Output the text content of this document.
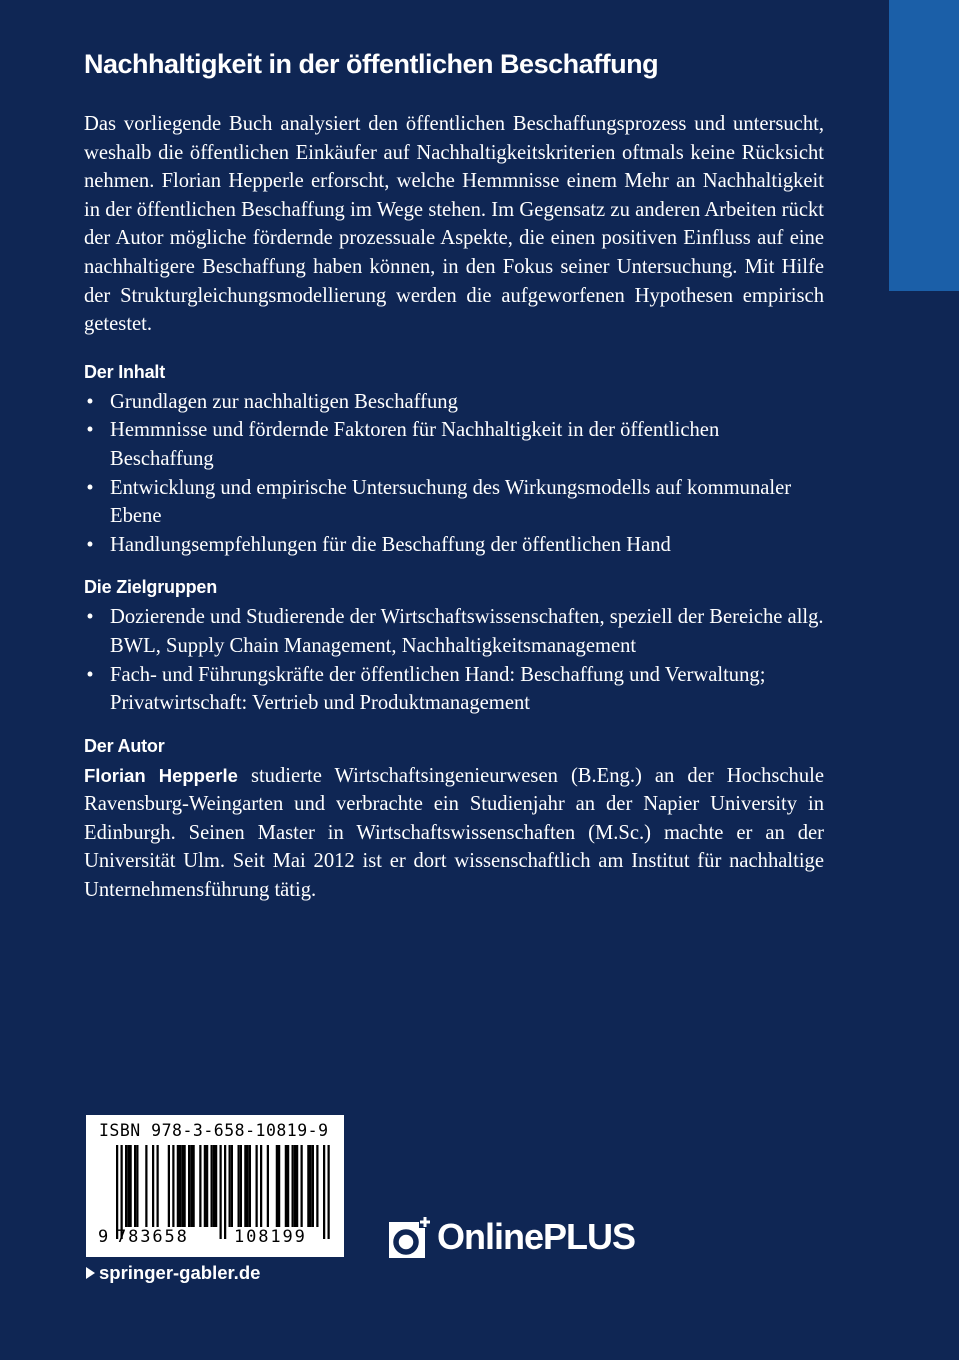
Nachhaltigkeit in der öffentlichen Beschaffung

Das vorliegende Buch analysiert den öffentlichen Beschaffungsprozess und untersucht, weshalb die öffentlichen Einkäufer auf Nachhaltigkeitskriterien oftmals keine Rücksicht nehmen. Florian Hepperle erforscht, welche Hemmnisse einem Mehr an Nachhaltigkeit in der öffentlichen Beschaffung im Wege stehen. Im Gegensatz zu anderen Arbeiten rückt der Autor mögliche fördernde prozessuale Aspekte, die einen positiven Einfluss auf eine nachhaltigere Beschaffung haben können, in den Fokus seiner Untersuchung. Mit Hilfe der Strukturgleichungsmodellierung werden die aufgeworfenen Hypothesen empirisch getestet.

Der Inhalt
• Grundlagen zur nachhaltigen Beschaffung
• Hemmnisse und fördernde Faktoren für Nachhaltigkeit in der öffentlichen Beschaffung
• Entwicklung und empirische Untersuchung des Wirkungsmodells auf kommunaler Ebene
• Handlungsempfehlungen für die Beschaffung der öffentlichen Hand
Die Zielgruppen
• Dozierende und Studierende der Wirtschaftswissenschaften, speziell der Bereiche allg. BWL, Supply Chain Management, Nachhaltigkeitsmanagement
• Fach- und Führungskräfte der öffentlichen Hand: Beschaffung und Verwaltung; Privatwirtschaft: Vertrieb und Produktmanagement
Der Autor

Florian Hepperle studierte Wirtschaftsingenieurwesen (B.Eng.) an der Hochschule Ravensburg-Weingarten und verbrachte ein Studienjahr an der Napier University in Edinburgh. Seinen Master in Wirtschaftswissenschaften (M.Sc.) machte er an der Universität Ulm. Seit Mai 2012 ist er dort wissenschaftlich am Institut für nachhaltige Unternehmensführung tätig.

ISBN 978-3-658-10819-9
9 783658	108199	OnlinePLUS
springer-gabler.de
